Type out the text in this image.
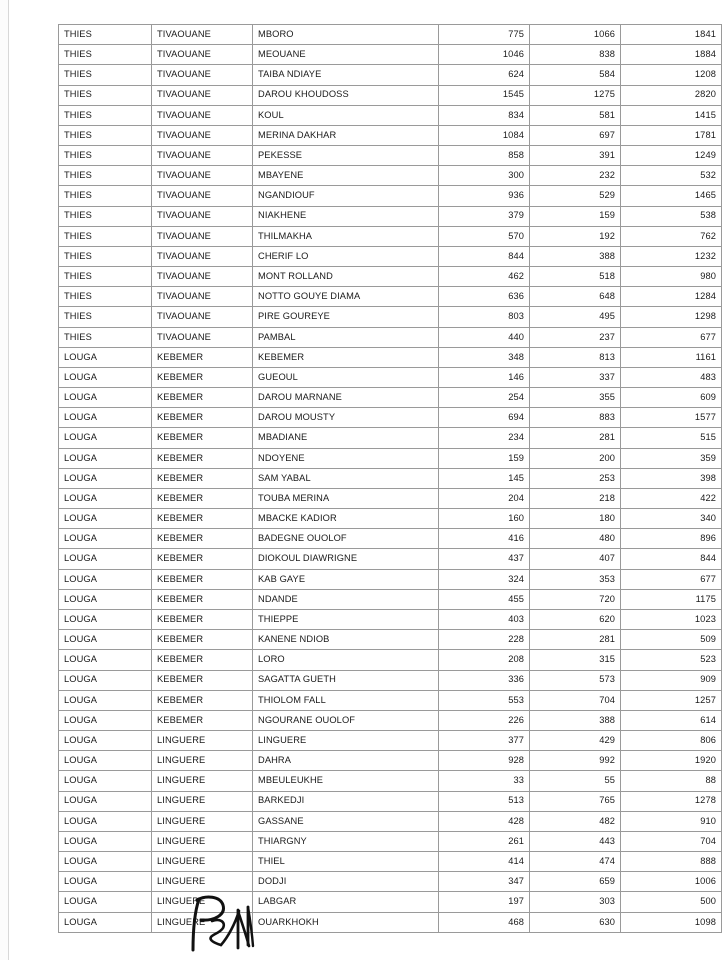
THIES	TIVAOUANE	MBORO	775	1066	1841
THIES	TIVAOUANE	MEOUANE	1046	838	1884
THIES	TIVAOUANE	TAIBA NDIAYE	624	584	1208
THIES	TIVAOUANE	DAROU KHOUDOSS	1545	1275	2820
THIES	TIVAOUANE	KOUL	834	581	1415
THIES	TIVAOUANE	MERINA DAKHAR	1084	697	1781
THIES	TIVAOUANE	PEKESSE	858	391	1249
THIES	TIVAOUANE	MBAYENE	300	232	532
THIES	TIVAOUANE	NGANDIOUF	936	529	1465
THIES	TIVAOUANE	NIAKHENE	379	159	538
THIES	TIVAOUANE	THILMAKHA	570	192	762
THIES	TIVAOUANE	CHERIF LO	844	388	1232
THIES	TIVAOUANE	MONT ROLLAND	462	518	980
THIES	TIVAOUANE	NOTTO GOUYE DIAMA	636	648	1284
THIES	TIVAOUANE	PIRE GOUREYE	803	495	1298
THIES	TIVAOUANE	PAMBAL	440	237	677
LOUGA	KEBEMER	KEBEMER	348	813	1161
LOUGA	KEBEMER	GUEOUL	146	337	483
LOUGA	KEBEMER	DAROU MARNANE	254	355	609
LOUGA	KEBEMER	DAROU MOUSTY	694	883	1577
LOUGA	KEBEMER	MBADIANE	234	281	515
LOUGA	KEBEMER	NDOYENE	159	200	359
LOUGA	KEBEMER	SAM YABAL	145	253	398
LOUGA	KEBEMER	TOUBA MERINA	204	218	422
LOUGA	KEBEMER	MBACKE KADIOR	160	180	340
LOUGA	KEBEMER	BADEGNE OUOLOF	416	480	896
LOUGA	KEBEMER	DIOKOUL DIAWRIGNE	437	407	844
LOUGA	KEBEMER	KAB GAYE	324	353	677
LOUGA	KEBEMER	NDANDE	455	720	1175
LOUGA	KEBEMER	THIEPPE	403	620	1023
LOUGA	KEBEMER	KANENE NDIOB	228	281	509
LOUGA	KEBEMER	LORO	208	315	523
LOUGA	KEBEMER	SAGATTA GUETH	336	573	909
LOUGA	KEBEMER	THIOLOM FALL	553	704	1257
LOUGA	KEBEMER	NGOURANE OUOLOF	226	388	614
LOUGA	LINGUERE	LINGUERE	377	429	806
LOUGA	LINGUERE	DAHRA	928	992	1920
LOUGA	LINGUERE	MBEULEUKHE	33	55	88
LOUGA	LINGUERE	BARKEDJI	513	765	1278
LOUGA	LINGUERE	GASSANE	428	482	910
LOUGA	LINGUERE	THIARGNY	261	443	704
LOUGA	LINGUERE	THIEL	414	474	888
LOUGA	LINGUERE	DODJI	347	659	1006
LOUGA	LINGUERE	LABGAR	197	303	500
LOUGA	LINGUERE	OUARKHOKH	468	630	1098
